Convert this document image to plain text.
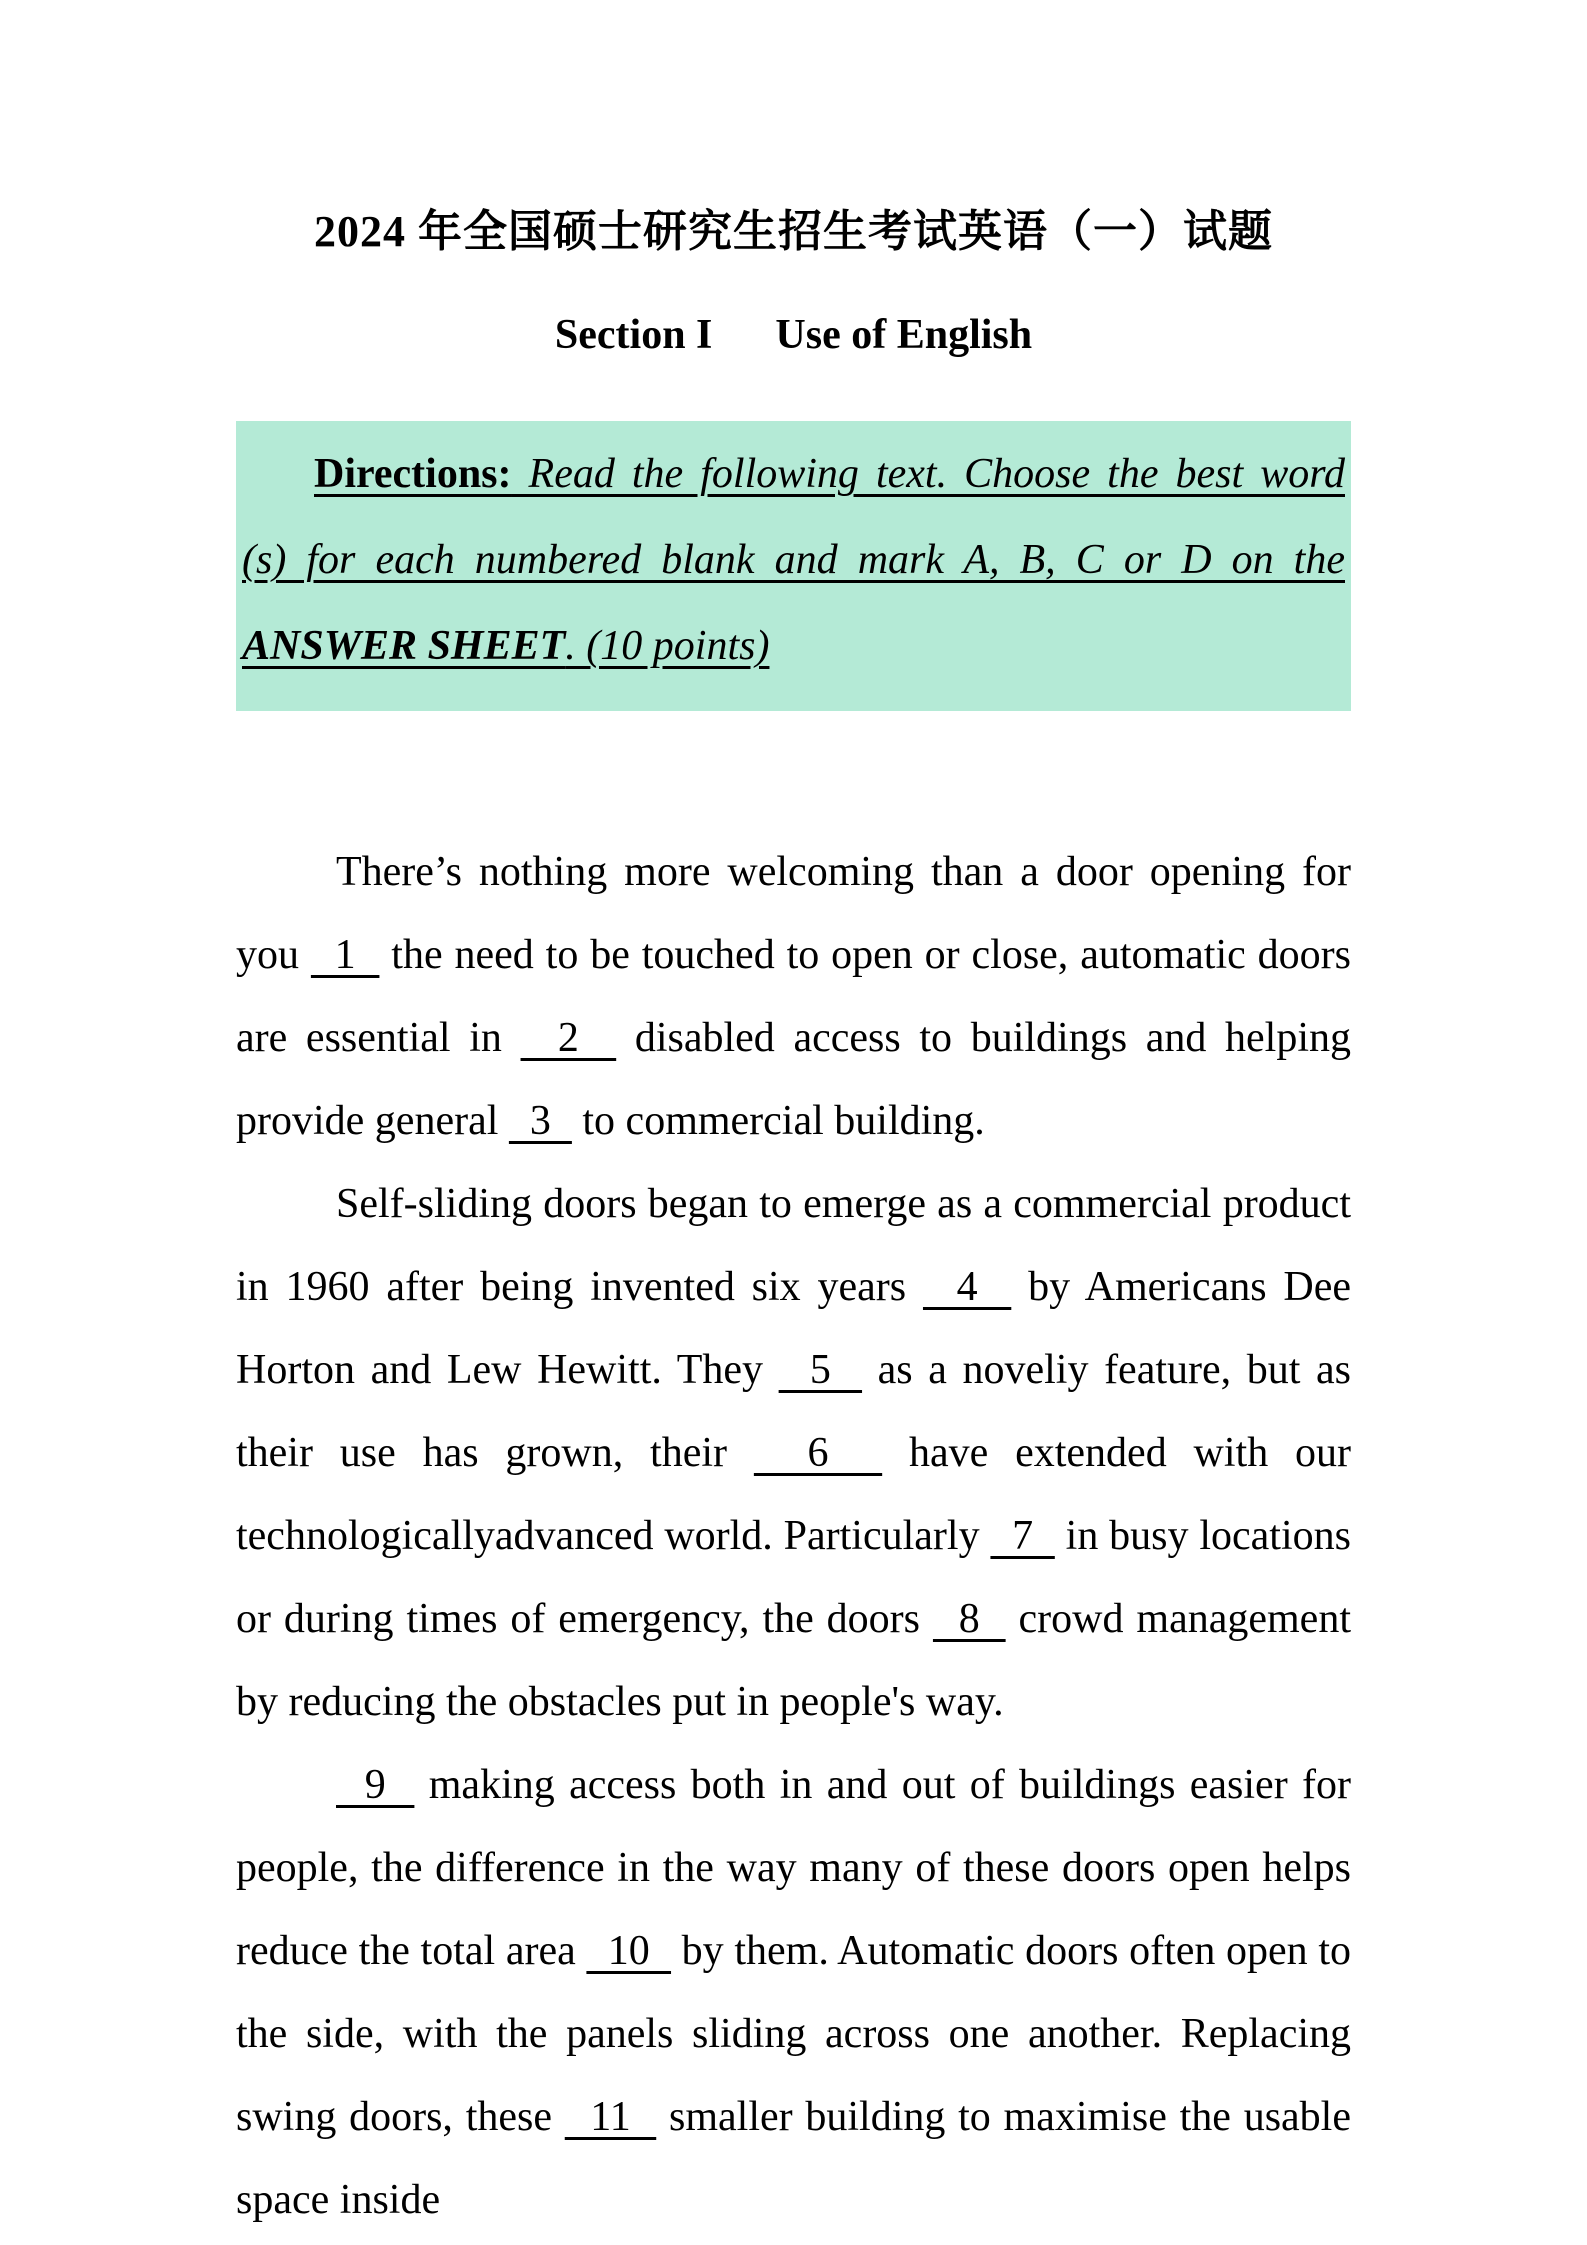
2024 年全国硕士研究生招生考试英语（一）试题
Section I      Use of English
Directions: Read the following text. Choose the best word (s) for each numbered blank and mark A, B, C or D on the ANSWER SHEET. (10 points)

There’s nothing more welcoming than a door opening for you   1   the need to be touched to open or close, automatic doors are essential in   2   disabled access to buildings and helping provide general   3   to commercial building.

Self-sliding doors began to emerge as a commercial product in 1960 after being invented six years   4   by Americans Dee Horton and Lew Hewitt. They   5   as a noveliy feature, but as their use has grown, their   6   have extended with our technologicallyadvanced world. Particularly   7   in busy locations or during times of emergency, the doors   8   crowd management by reducing the obstacles put in people's way.

9   making access both in and out of buildings easier for people, the difference in the way many of these doors open helps reduce the total area   10   by them. Automatic doors often open to the side, with the panels sliding across one another. Replacing swing doors, these   11   smaller building to maximise the usable space inside
